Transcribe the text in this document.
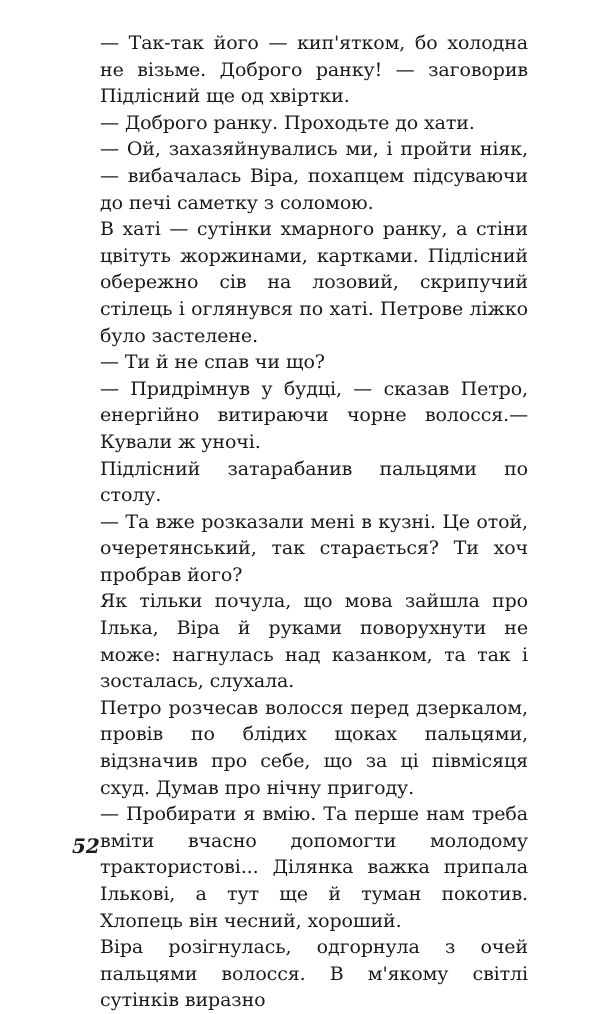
— Так-так його — кип'ятком, бо холодна не візьме. Доброго ранку! — заговорив Підлісний ще од хвіртки.

— Доброго ранку. Проходьте до хати.

— Ой, захазяйнувались ми, і пройти ніяк,— вибачалась Віра, похапцем підсуваючи до печі саметку з соломою.

В хаті — сутінки хмарного ранку, а стіни цвітуть жоржинами, картками. Підлісний обережно сів на лозовий, скрипучий стілець і оглянувся по хаті. Петрове ліжко було застелене.

— Ти й не спав чи що?

— Придрімнув у будці, — сказав Петро, енергійно витираючи чорне волосся.— Кували ж уночі.

Підлісний затарабанив пальцями по столу.

— Та вже розказали мені в кузні. Це отой, очеретянський, так старається? Ти хоч пробрав його?

Як тільки почула, що мова зайшла про Ілька, Віра й руками поворухнути не може: нагнулась над казанком, та так і зосталась, слухала.

Петро розчесав волосся перед дзеркалом, провів по блідих щоках пальцями, відзначив про себе, що за ці півмісяця схуд. Думав про нічну пригоду.

— Пробирати я вмію. Та перше нам треба вміти вчасно допомогти молодому трактористові... Ділянка важка припала Ількові, а тут ще й туман покотив. Хлопець він чесний, хороший.

Віра розігнулась, одгорнула з очей пальцями волосся. В м'якому світлі сутінків виразно

52
